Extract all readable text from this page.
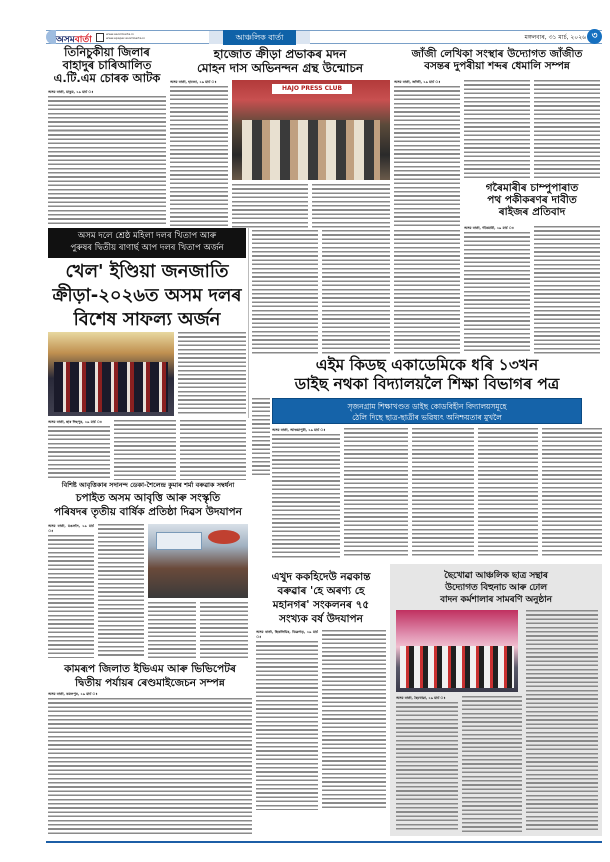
অসমবাৰ্তা
www.asombarta.in
www.epaper.asombarta.in	আঞ্চলিক বাৰ্তা	মঙ্গলবাৰ, ৩১ মাৰ্চ, ২০২৬ ৩
তিনিচুকীয়া জিলাৰ
বাহাদুৰ চাৰিআলিত
এ.টি.এম চোৰক আটক
অসম বাৰ্তা, মাকুম, ২৯ মাৰ্চ ঃ
হাজোত ক্ৰীড়া প্ৰভাকৰ মদন
মোহন দাস অভিনন্দন গ্ৰন্থ উন্মোচন
অসম বাৰ্তা, হাজো, ২৯ মাৰ্চ ঃ
HAJO PRESS CLUB
জাঁজী লেখিকা সংস্থাৰ উদ্যোগত জাঁজীত
বসন্তৰ দুপৰীয়া শব্দৰ ধেমালি সম্পন্ন
অসম বাৰ্তা, জাঁজী, ২৯ মাৰ্চ ঃ
গৰৈমাৰীৰ চাম্পুপাৰাত
পথ পকীকৰণৰ দাবীত
ৰাইজৰ প্ৰতিবাদ
অসম বাৰ্তা, গৰৈমাৰী, ২৯ মাৰ্চ ঃ
অসম দলে শ্ৰেষ্ঠ মহিলা দলৰ খিতাপ আৰু
পুৰুষৰ দ্বিতীয় ৰাণাৰ্ছ আপ দলৰ খিতাপ অৰ্জন
খেল' ইণ্ডিয়া জনজাতি
ক্ৰীড়া-২০২৬ত অসম দলৰ
বিশেষ সাফল্য অৰ্জন
অসম বাৰ্তা, ছাৰ দিছপুৰ, ২৯ মাৰ্চ ঃ
এইম কিডছ একাডেমিকে ধৰি ১৩খন
ডাইছ নথকা বিদ্যালয়লৈ শিক্ষা বিভাগৰ পত্ৰ
সৃজনগ্ৰাম শিক্ষাখণ্ডত ডাইছ কোডবিহীন বিদ্যালয়সমূহে
ঠেলি দিছে ছাত্ৰ-ছাত্ৰীৰ ভৱিষ্যৎ অনিশ্চয়তাৰ মুখলৈ
অসম বাৰ্তা, আভয়াপুৰী, ২৯ মাৰ্চ ঃ
বিশিষ্ট আবৃত্তিকাৰ সদানন্দ ডেকা-শৈলেন্দ্ৰ কুমাৰ শৰ্মা বৰুৱাক সম্বৰ্ধনা
চপাইত অসম আবৃত্তি আৰু সংস্কৃতি
পৰিষদৰ তৃতীয় বাৰ্ষিক প্ৰতিষ্ঠা দিৱস উদযাপন
অসম বাৰ্তা, মঙলদৈ, ২৯ মাৰ্চ ঃ
এখুদ ককহিদেউ নৱকান্ত
বৰুৱাৰ 'হে অৰণ্য হে
মহানগৰ' সংকলনৰ ৭৫
সংখ্যক বৰ্ষ উদযাপন
অসম বাৰ্তা, ছিকলিমিৰ, ডিব্ৰুগড়, ২৯ মাৰ্চ ঃ
ছৈখোৱা আঞ্চলিক ছাত্ৰ সন্থাৰ
উদ্যোগত বিহুনাচ আৰু ঢোল
বাদন কৰ্মশালাৰ সামৰণি অনুষ্ঠান
অসম বাৰ্তা, ছৈখোৱা, ২৯ মাৰ্চ ঃ
কামৰূপ জিলাত ইভিএম আৰু ভিভিপেটৰ
দ্বিতীয় পৰ্যায়ৰ ৰেণ্ডমাইজেচন সম্পন্ন
অসম বাৰ্তা, কমলপুৰ, ২৯ মাৰ্চ ঃ
